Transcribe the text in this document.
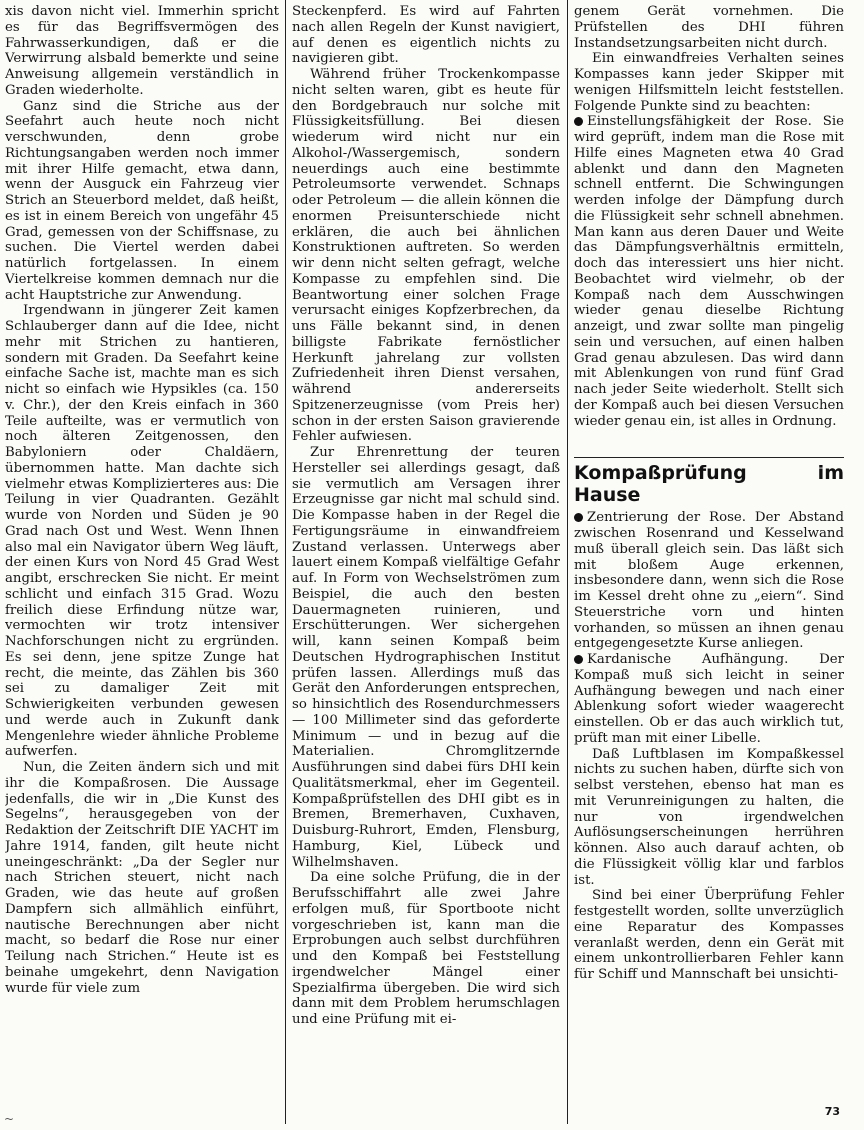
xis davon nicht viel. Immerhin spricht es für das Begriffsvermögen des Fahrwasserkundigen, daß er die Verwirrung alsbald bemerkte und seine Anweisung allgemein verständlich in Graden wiederholte.

Ganz sind die Striche aus der Seefahrt auch heute noch nicht verschwunden, denn grobe Richtungsangaben werden noch immer mit ihrer Hilfe gemacht, etwa dann, wenn der Ausguck ein Fahrzeug vier Strich an Steuerbord meldet, daß heißt, es ist in einem Bereich von ungefähr 45 Grad, gemessen von der Schiffsnase, zu suchen. Die Viertel werden dabei natürlich fortgelassen. In einem Viertelkreise kommen demnach nur die acht Hauptstriche zur Anwendung.

Irgendwann in jüngerer Zeit kamen Schlauberger dann auf die Idee, nicht mehr mit Strichen zu hantieren, sondern mit Graden. Da Seefahrt keine einfache Sache ist, machte man es sich nicht so einfach wie Hypsikles (ca. 150 v. Chr.), der den Kreis einfach in 360 Teile aufteilte, was er vermutlich von noch älteren Zeitgenossen, den Babyloniern oder Chaldäern, übernommen hatte. Man dachte sich vielmehr etwas Komplizierteres aus: Die Teilung in vier Quadranten. Gezählt wurde von Norden und Süden je 90 Grad nach Ost und West. Wenn Ihnen also mal ein Navigator übern Weg läuft, der einen Kurs von Nord 45 Grad West angibt, erschrecken Sie nicht. Er meint schlicht und einfach 315 Grad. Wozu freilich diese Erfindung nütze war, vermochten wir trotz intensiver Nachforschungen nicht zu ergründen. Es sei denn, jene spitze Zunge hat recht, die meinte, das Zählen bis 360 sei zu damaliger Zeit mit Schwierigkeiten verbunden gewesen und werde auch in Zukunft dank Mengenlehre wieder ähnliche Probleme aufwerfen.

Nun, die Zeiten ändern sich und mit ihr die Kompaßrosen. Die Aussage jedenfalls, die wir in „Die Kunst des Segelns“, herausgegeben von der Redaktion der Zeitschrift DIE YACHT im Jahre 1914, fanden, gilt heute nicht uneingeschränkt: „Da der Segler nur nach Strichen steuert, nicht nach Graden, wie das heute auf großen Dampfern sich allmählich einführt, nautische Berechnungen aber nicht macht, so bedarf die Rose nur einer Teilung nach Strichen.“ Heute ist es beinahe umgekehrt, denn Navigation wurde für viele zum

Steckenpferd. Es wird auf Fahrten nach allen Regeln der Kunst navigiert, auf denen es eigentlich nichts zu navigieren gibt.

Während früher Trockenkompasse nicht selten waren, gibt es heute für den Bordgebrauch nur solche mit Flüssigkeitsfüllung. Bei diesen wiederum wird nicht nur ein Alkohol-/Wassergemisch, sondern neuerdings auch eine bestimmte Petroleumsorte verwendet. Schnaps oder Petroleum — die allein können die enormen Preisunterschiede nicht erklären, die auch bei ähnlichen Konstruktionen auftreten. So werden wir denn nicht selten gefragt, welche Kompasse zu empfehlen sind. Die Beantwortung einer solchen Frage verursacht einiges Kopfzerbrechen, da uns Fälle bekannt sind, in denen billigste Fabrikate fernöstlicher Herkunft jahrelang zur vollsten Zufriedenheit ihren Dienst versahen, während andererseits Spitzenerzeugnisse (vom Preis her) schon in der ersten Saison gravierende Fehler aufwiesen.

Zur Ehrenrettung der teuren Hersteller sei allerdings gesagt, daß sie vermutlich am Versagen ihrer Erzeugnisse gar nicht mal schuld sind. Die Kompasse haben in der Regel die Fertigungsräume in einwandfreiem Zustand verlassen. Unterwegs aber lauert einem Kompaß vielfältige Gefahr auf. In Form von Wechselströmen zum Beispiel, die auch den besten Dauermagneten ruinieren, und Erschütterungen. Wer sichergehen will, kann seinen Kompaß beim Deutschen Hydrographischen Institut prüfen lassen. Allerdings muß das Gerät den Anforderungen entsprechen, so hinsichtlich des Rosendurchmessers — 100 Millimeter sind das geforderte Minimum — und in bezug auf die Materialien. Chromglitzernde Ausführungen sind dabei fürs DHI kein Qualitätsmerkmal, eher im Gegenteil. Kompaßprüfstellen des DHI gibt es in Bremen, Bremerhaven, Cuxhaven, Duisburg-Ruhrort, Emden, Flensburg, Hamburg, Kiel, Lübeck und Wilhelmshaven.

Da eine solche Prüfung, die in der Berufsschiffahrt alle zwei Jahre erfolgen muß, für Sportboote nicht vorgeschrieben ist, kann man die Erprobungen auch selbst durchführen und den Kompaß bei Feststellung irgendwelcher Mängel einer Spezialfirma übergeben. Die wird sich dann mit dem Problem herumschlagen und eine Prüfung mit ei-

genem Gerät vornehmen. Die Prüfstellen des DHI führen Instandsetzungsarbeiten nicht durch.

Ein einwandfreies Verhalten seines Kompasses kann jeder Skipper mit wenigen Hilfsmitteln leicht feststellen. Folgende Punkte sind zu beachten:

Einstellungsfähigkeit der Rose. Sie wird geprüft, indem man die Rose mit Hilfe eines Magneten etwa 40 Grad ablenkt und dann den Magneten schnell entfernt. Die Schwingungen werden infolge der Dämpfung durch die Flüssigkeit sehr schnell abnehmen. Man kann aus deren Dauer und Weite das Dämpfungsverhältnis ermitteln, doch das interessiert uns hier nicht. Beobachtet wird vielmehr, ob der Kompaß nach dem Ausschwingen wieder genau dieselbe Richtung anzeigt, und zwar sollte man pingelig sein und versuchen, auf einen halben Grad genau abzulesen. Das wird dann mit Ablenkungen von rund fünf Grad nach jeder Seite wiederholt. Stellt sich der Kompaß auch bei diesen Versuchen wieder genau ein, ist alles in Ordnung.

Kompaßprüfung im Hause

Zentrierung der Rose. Der Abstand zwischen Rosenrand und Kesselwand muß überall gleich sein. Das läßt sich mit bloßem Auge erkennen, insbesondere dann, wenn sich die Rose im Kessel dreht ohne zu „eiern“. Sind Steuerstriche vorn und hinten vorhanden, so müssen an ihnen genau entgegengesetzte Kurse anliegen.

Kardanische Aufhängung. Der Kompaß muß sich leicht in seiner Aufhängung bewegen und nach einer Ablenkung sofort wieder waagerecht einstellen. Ob er das auch wirklich tut, prüft man mit einer Libelle.

Daß Luftblasen im Kompaßkessel nichts zu suchen haben, dürfte sich von selbst verstehen, ebenso hat man es mit Verunreinigungen zu halten, die nur von irgendwelchen Auflösungserscheinungen herrühren können. Also auch darauf achten, ob die Flüssigkeit völlig klar und farblos ist.

Sind bei einer Überprüfung Fehler festgestellt worden, sollte unverzüglich eine Reparatur des Kompasses veranlaßt werden, denn ein Gerät mit einem unkontrollierbaren Fehler kann für Schiff und Mannschaft bei unsichti-

~
73
